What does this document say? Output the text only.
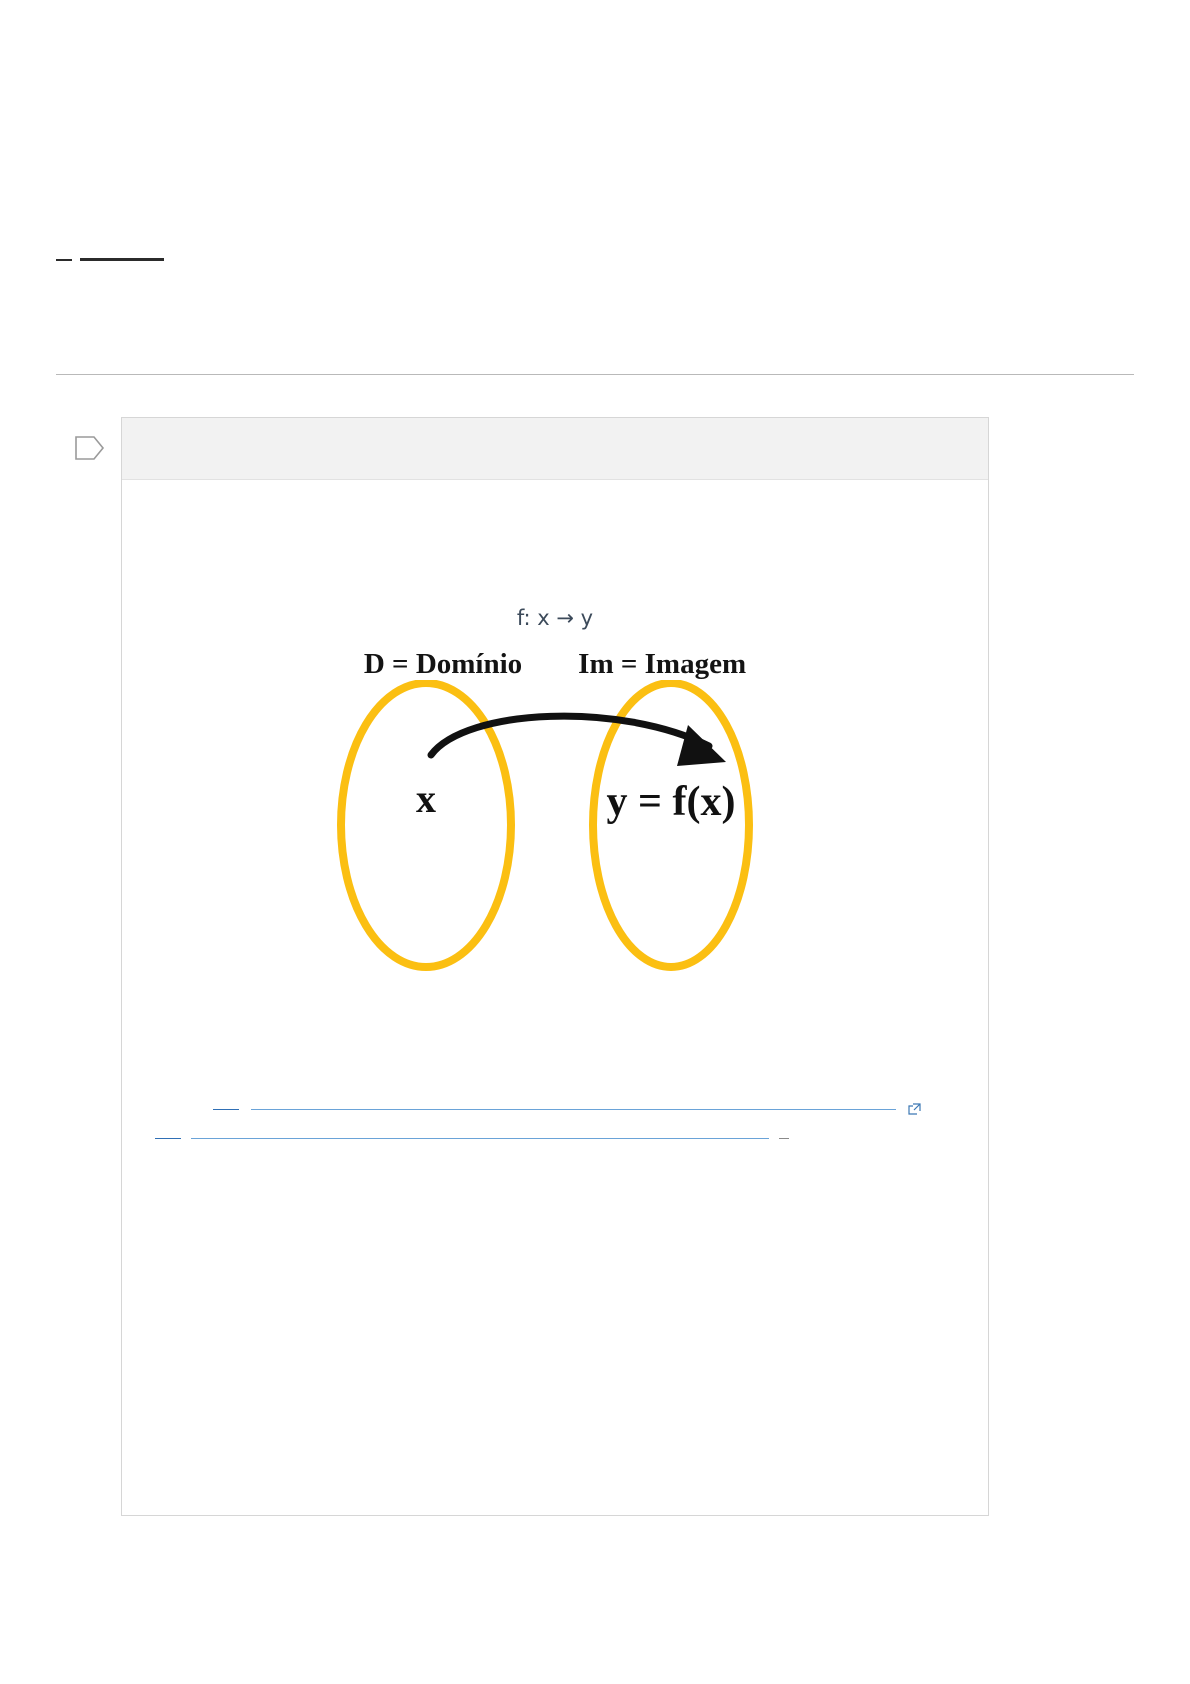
f: x → y
D = Domínio Im = Imagem
x	y = f(x)
